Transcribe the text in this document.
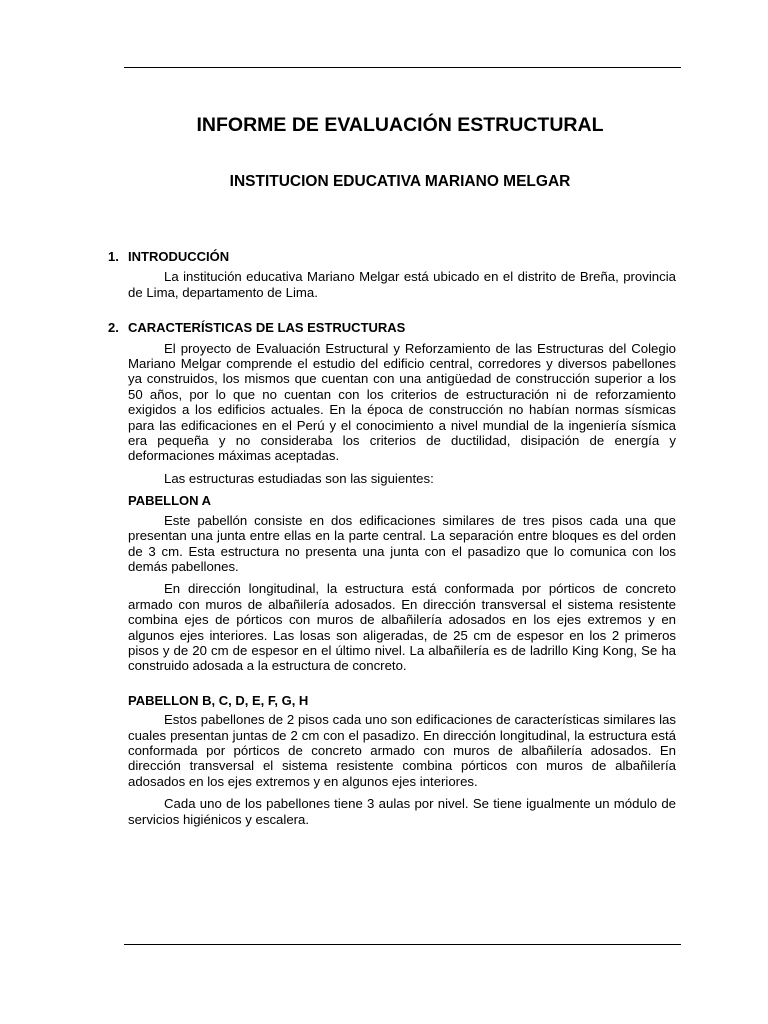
INFORME DE EVALUACIÓN ESTRUCTURAL
INSTITUCION EDUCATIVA MARIANO MELGAR
1. INTRODUCCIÓN

La institución educativa Mariano Melgar está ubicado en el distrito de Breña, provincia de Lima, departamento de Lima.

2. CARACTERÍSTICAS DE LAS ESTRUCTURAS

El proyecto de Evaluación Estructural y Reforzamiento de las Estructuras del Colegio Mariano Melgar comprende el estudio del edificio central, corredores y diversos pabellones ya construidos, los mismos que cuentan con una antigüedad de construcción superior a los 50 años, por lo que no cuentan con los criterios de estructuración ni de reforzamiento exigidos a los edificios actuales. En la época de construcción no habían normas sísmicas para las edificaciones en el Perú y el conocimiento a nivel mundial de la ingeniería sísmica era pequeña y no consideraba los criterios de ductilidad, disipación de energía y deformaciones máximas aceptadas.

Las estructuras estudiadas son las siguientes:

PABELLON A

Este pabellón consiste en dos edificaciones similares de tres pisos cada una que presentan una junta entre ellas en la parte central. La separación entre bloques es del orden de 3 cm. Esta estructura no presenta una junta con el pasadizo que lo comunica con los demás pabellones.

En dirección longitudinal, la estructura está conformada por pórticos de concreto armado con muros de albañilería adosados. En dirección transversal el sistema resistente combina ejes de pórticos con muros de albañilería adosados en los ejes extremos y en algunos ejes interiores. Las losas son aligeradas, de 25 cm de espesor en los 2 primeros pisos y de 20 cm de espesor en el último nivel. La albañilería es de ladrillo King Kong, Se ha construido adosada a la estructura de concreto.

PABELLON B, C, D, E, F, G, H

Estos pabellones de 2 pisos cada uno son edificaciones de características similares las cuales presentan juntas de 2 cm con el pasadizo. En dirección longitudinal, la estructura está conformada por pórticos de concreto armado con muros de albañilería adosados. En dirección transversal el sistema resistente combina pórticos con muros de albañilería adosados en los ejes extremos y en algunos ejes interiores.

Cada uno de los pabellones tiene 3 aulas por nivel. Se tiene igualmente un módulo de servicios higiénicos y escalera.
